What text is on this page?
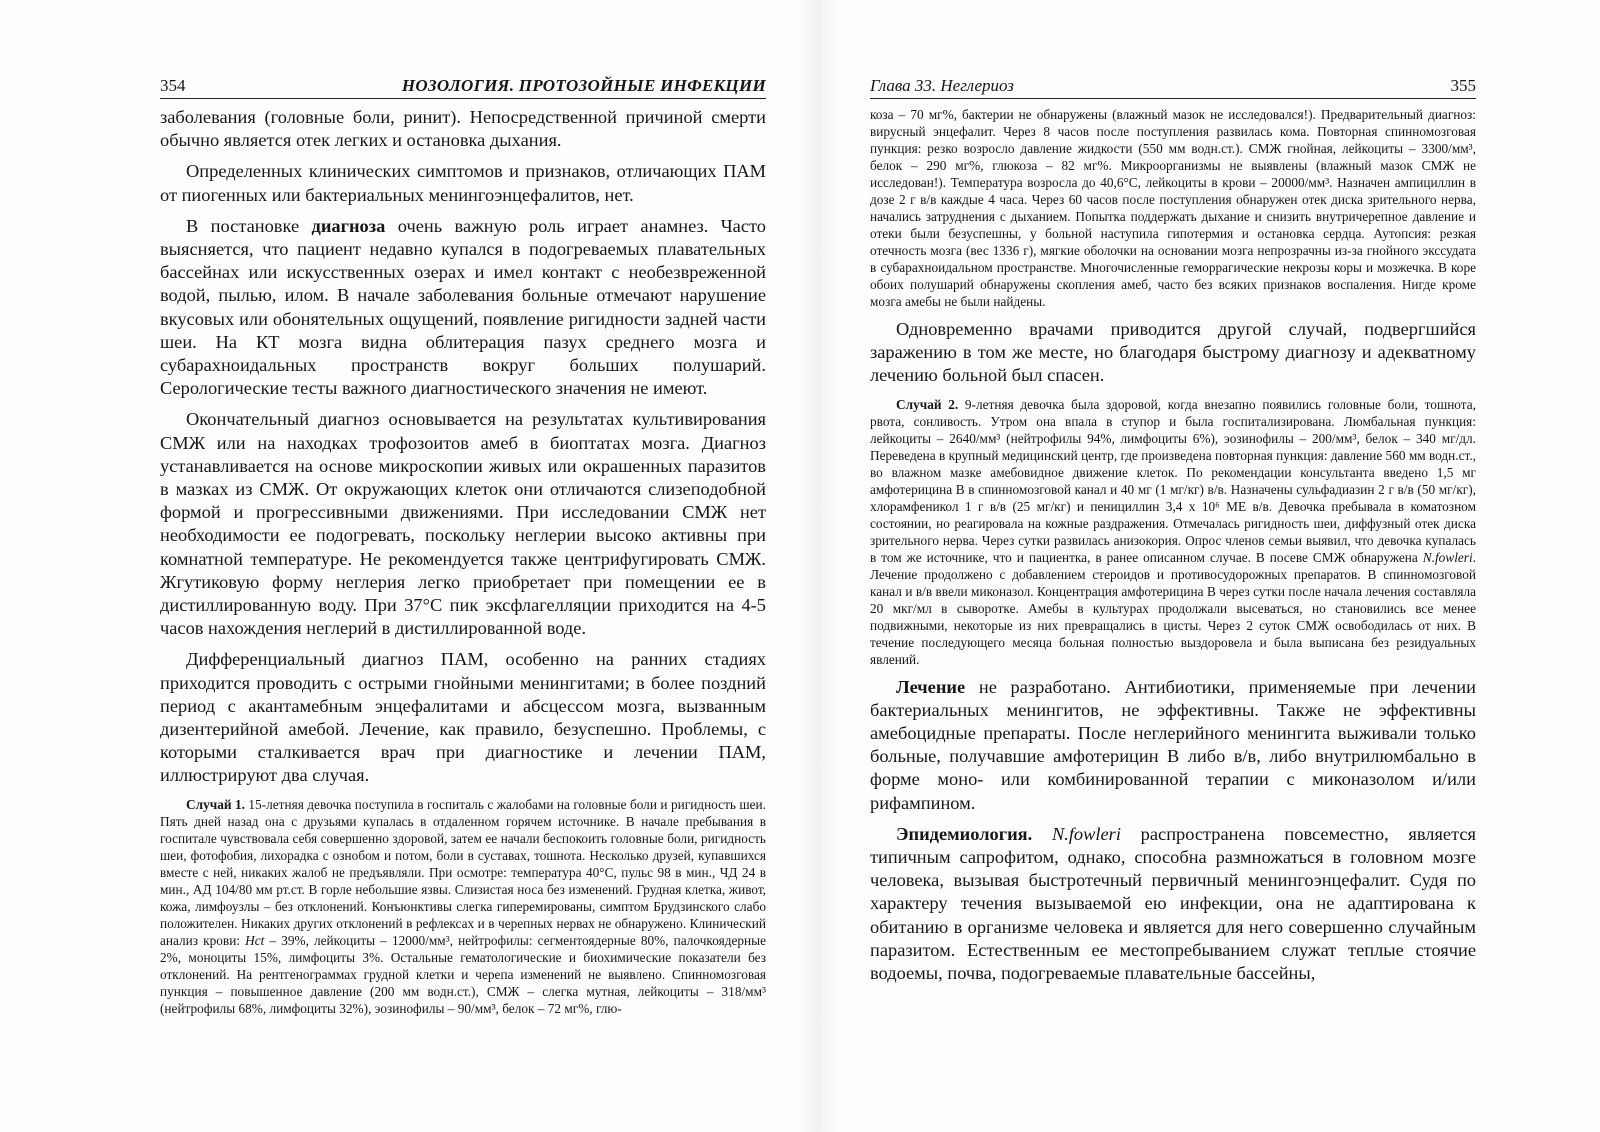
354	НОЗОЛОГИЯ. ПРОТОЗОЙНЫЕ ИНФЕКЦИИ

заболевания (головные боли, ринит). Непосредственной причиной смерти обычно является отек легких и остановка дыхания.

Определенных клинических симптомов и признаков, отличающих ПАМ от пиогенных или бактериальных менингоэнцефалитов, нет.

В постановке диагноза очень важную роль играет анамнез. Часто выясняется, что пациент недавно купался в подогреваемых плавательных бассейнах или искусственных озерах и имел контакт с необезвреженной водой, пылью, илом. В начале заболевания больные отмечают нарушение вкусовых или обонятельных ощущений, появление ригидности задней части шеи. На КТ мозга видна облитерация пазух среднего мозга и субарахноидальных пространств вокруг больших полушарий. Серологические тесты важного диагностического значения не имеют.

Окончательный диагноз основывается на результатах культивирования СМЖ или на находках трофозоитов амеб в биоптатах мозга. Диагноз устанавливается на основе микроскопии живых или окрашенных паразитов в мазках из СМЖ. От окружающих клеток они отличаются слизеподобной формой и прогрессивными движениями. При исследовании СМЖ нет необходимости ее подогревать, поскольку неглерии высоко активны при комнатной температуре. Не рекомендуется также центрифугировать СМЖ. Жгутиковую форму неглерия легко приобретает при помещении ее в дистиллированную воду. При 37°С пик эксфлагелляции приходится на 4-5 часов нахождения неглерий в дистиллированной воде.

Дифференциальный диагноз ПАМ, особенно на ранних стадиях приходится проводить с острыми гнойными менингитами; в более поздний период с акантамебным энцефалитами и абсцессом мозга, вызванным дизентерийной амебой. Лечение, как правило, безуспешно. Проблемы, с которыми сталкивается врач при диагностике и лечении ПАМ, иллюстрируют два случая.

Случай 1. 15-летняя девочка поступила в госпиталь с жалобами на головные боли и ригидность шеи. Пять дней назад она с друзьями купалась в отдаленном горячем источнике. В начале пребывания в госпитале чувствовала себя совершенно здоровой, затем ее начали беспокоить головные боли, ригидность шеи, фотофобия, лихорадка с ознобом и потом, боли в суставах, тошнота. Несколько друзей, купавшихся вместе с ней, никаких жалоб не предъявляли. При осмотре: температура 40°С, пульс 98 в мин., ЧД 24 в мин., АД 104/80 мм рт.ст. В горле небольшие язвы. Слизистая носа без изменений. Грудная клетка, живот, кожа, лимфоузлы – без отклонений. Конъюнктивы слегка гиперемированы, симптом Брудзинского слабо положителен. Никаких других отклонений в рефлексах и в черепных нервах не обнаружено. Клинический анализ крови: Hct – 39%, лейкоциты – 12000/мм³, нейтрофилы: сегментоядерные 80%, палочкоядерные 2%, моноциты 15%, лимфоциты 3%. Остальные гематологические и биохимические показатели без отклонений. На рентгенограммах грудной клетки и черепа изменений не выявлено. Спинномозговая пункция – повышенное давление (200 мм водн.ст.), СМЖ – слегка мутная, лейкоциты – 318/мм³ (нейтрофилы 68%, лимфоциты 32%), эозинофилы – 90/мм³, белок – 72 мг%, глю-

Глава 33. Неглериоз	355

коза – 70 мг%, бактерии не обнаружены (влажный мазок не исследовался!). Предварительный диагноз: вирусный энцефалит. Через 8 часов после поступления развилась кома. Повторная спинномозговая пункция: резко возросло давление жидкости (550 мм водн.ст.). СМЖ гнойная, лейкоциты – 3300/мм³, белок – 290 мг%, глюкоза – 82 мг%. Микроорганизмы не выявлены (влажный мазок СМЖ не исследован!). Температура возросла до 40,6°С, лейкоциты в крови – 20000/мм³. Назначен ампициллин в дозе 2 г в/в каждые 4 часа. Через 60 часов после поступления обнаружен отек диска зрительного нерва, начались затруднения с дыханием. Попытка поддержать дыхание и снизить внутричерепное давление и отеки были безуспешны, у больной наступила гипотермия и остановка сердца. Аутопсия: резкая отечность мозга (вес 1336 г), мягкие оболочки на основании мозга непрозрачны из-за гнойного экссудата в субарахноидальном пространстве. Многочисленные геморрагические некрозы коры и мозжечка. В коре обоих полушарий обнаружены скопления амеб, часто без всяких признаков воспаления. Нигде кроме мозга амебы не были найдены.

Одновременно врачами приводится другой случай, подвергшийся заражению в том же месте, но благодаря быстрому диагнозу и адекватному лечению больной был спасен.

Случай 2. 9-летняя девочка была здоровой, когда внезапно появились головные боли, тошнота, рвота, сонливость. Утром она впала в ступор и была госпитализирована. Люмбальная пункция: лейкоциты – 2640/мм³ (нейтрофилы 94%, лимфоциты 6%), эозинофилы – 200/мм³, белок – 340 мг/дл. Переведена в крупный медицинский центр, где произведена повторная пункция: давление 560 мм водн.ст., во влажном мазке амебовидное движение клеток. По рекомендации консультанта введено 1,5 мг амфотерицина В в спинномозговой канал и 40 мг (1 мг/кг) в/в. Назначены сульфадиазин 2 г в/в (50 мг/кг), хлорамфеникол 1 г в/в (25 мг/кг) и пенициллин 3,4 х 10⁶ МЕ в/в. Девочка пребывала в коматозном состоянии, но реагировала на кожные раздражения. Отмечалась ригидность шеи, диффузный отек диска зрительного нерва. Через сутки развилась анизокория. Опрос членов семьи выявил, что девочка купалась в том же источнике, что и пациентка, в ранее описанном случае. В посеве СМЖ обнаружена N.fowleri. Лечение продолжено с добавлением стероидов и противосудорожных препаратов. В спинномозговой канал и в/в ввели миконазол. Концентрация амфотерицина В через сутки после начала лечения составляла 20 мкг/мл в сыворотке. Амебы в культурах продолжали высеваться, но становились все менее подвижными, некоторые из них превращались в цисты. Через 2 суток СМЖ освободилась от них. В течение последующего месяца больная полностью выздоровела и была выписана без резидуальных явлений.

Лечение не разработано. Антибиотики, применяемые при лечении бактериальных менингитов, не эффективны. Также не эффективны амебоцидные препараты. После неглерийного менингита выживали только больные, получавшие амфотерицин В либо в/в, либо внутрилюмбально в форме моно- или комбинированной терапии с миконазолом и/или рифампином.

Эпидемиология. N.fowleri распространена повсеместно, является типичным сапрофитом, однако, способна размножаться в головном мозге человека, вызывая быстротечный первичный менингоэнцефалит. Судя по характеру течения вызываемой ею инфекции, она не адаптирована к обитанию в организме человека и является для него совершенно случайным паразитом. Естественным ее местопребыванием служат теплые стоячие водоемы, почва, подогреваемые плавательные бассейны,
